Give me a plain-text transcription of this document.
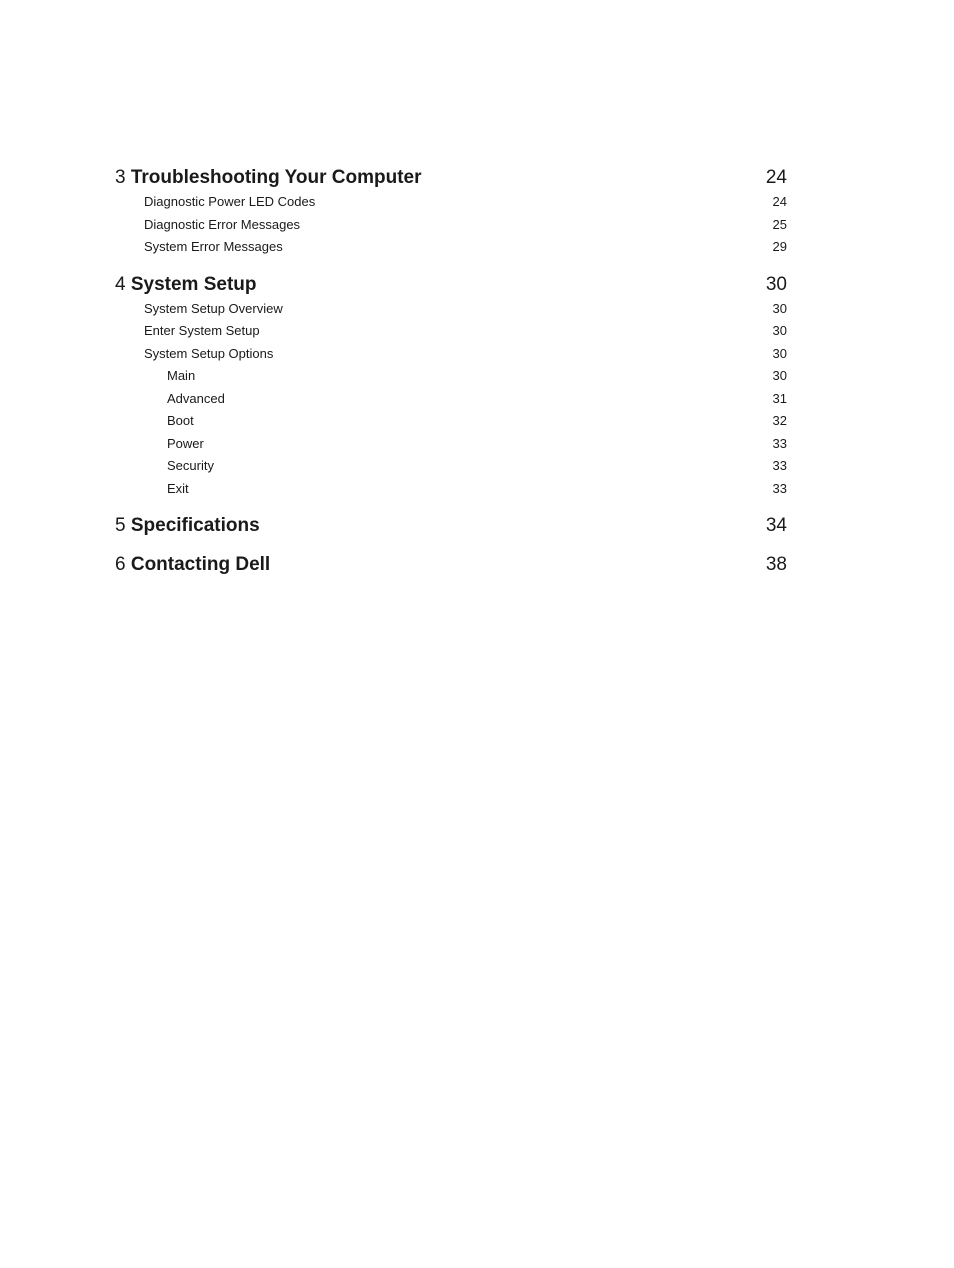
3 Troubleshooting Your Computer	24
Diagnostic Power LED Codes	24
Diagnostic Error Messages	25
System Error Messages	29
4 System Setup	30
System Setup Overview	30
Enter System Setup	30
System Setup Options	30
Main	30
Advanced	31
Boot	32
Power	33
Security	33
Exit	33
5 Specifications	34
6 Contacting Dell	38
